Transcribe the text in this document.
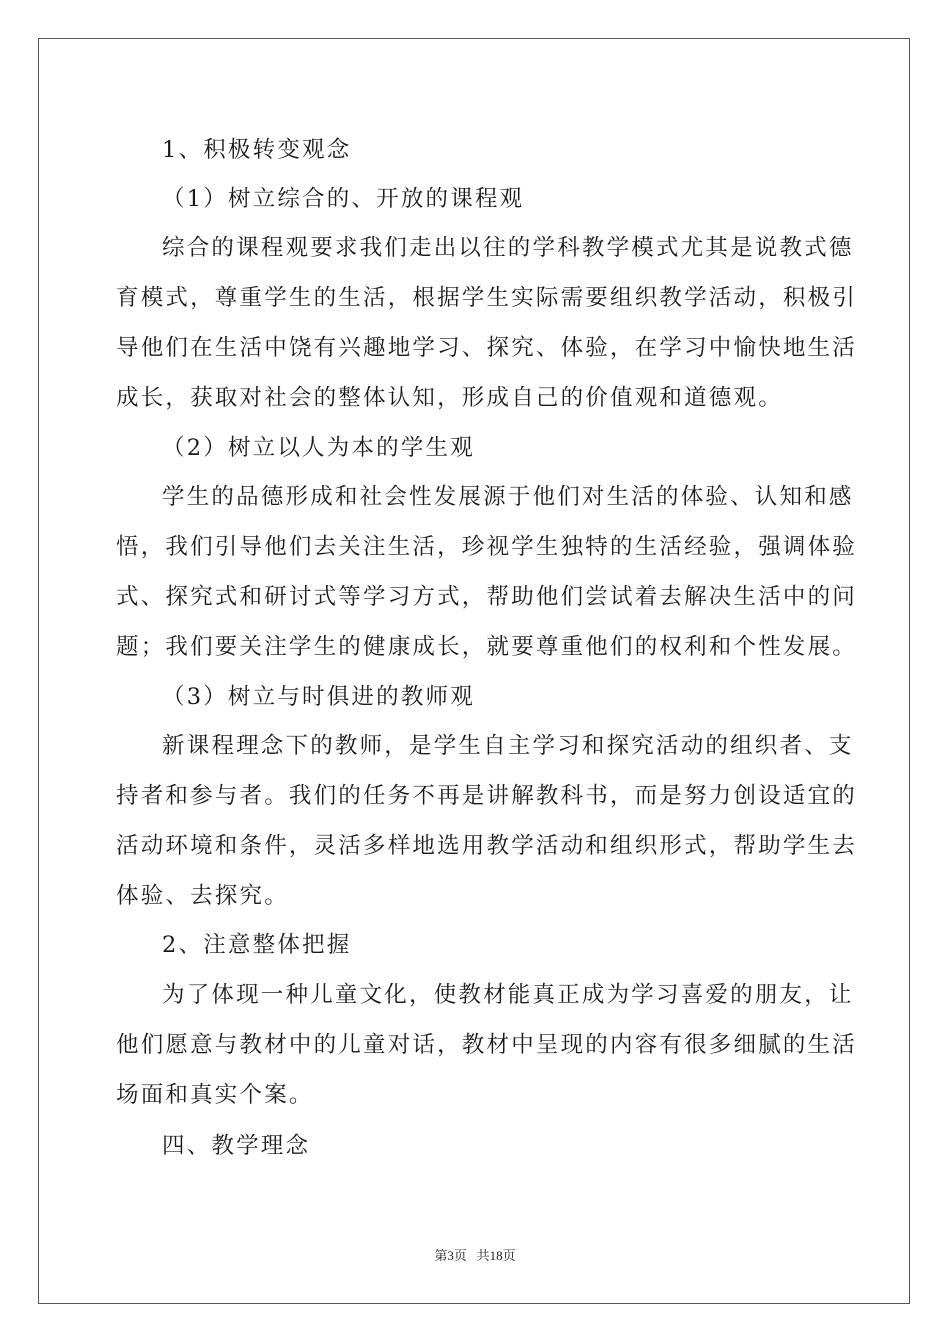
1、积极转变观念
（1）树立综合的、开放的课程观
综合的课程观要求我们走出以往的学科教学模式尤其是说教式德
育模式，尊重学生的生活，根据学生实际需要组织教学活动，积极引
导他们在生活中饶有兴趣地学习、探究、体验，在学习中愉快地生活
成长，获取对社会的整体认知，形成自己的价值观和道德观。
（2）树立以人为本的学生观
学生的品德形成和社会性发展源于他们对生活的体验、认知和感
悟，我们引导他们去关注生活，珍视学生独特的生活经验，强调体验
式、探究式和研讨式等学习方式，帮助他们尝试着去解决生活中的问
题；我们要关注学生的健康成长，就要尊重他们的权利和个性发展。
（3）树立与时俱进的教师观
新课程理念下的教师，是学生自主学习和探究活动的组织者、支
持者和参与者。我们的任务不再是讲解教科书，而是努力创设适宜的
活动环境和条件，灵活多样地选用教学活动和组织形式，帮助学生去
体验、去探究。
2、注意整体把握
为了体现一种儿童文化，使教材能真正成为学习喜爱的朋友，让
他们愿意与教材中的儿童对话，教材中呈现的内容有很多细腻的生活
场面和真实个案。
四、教学理念
第3页   共18页
